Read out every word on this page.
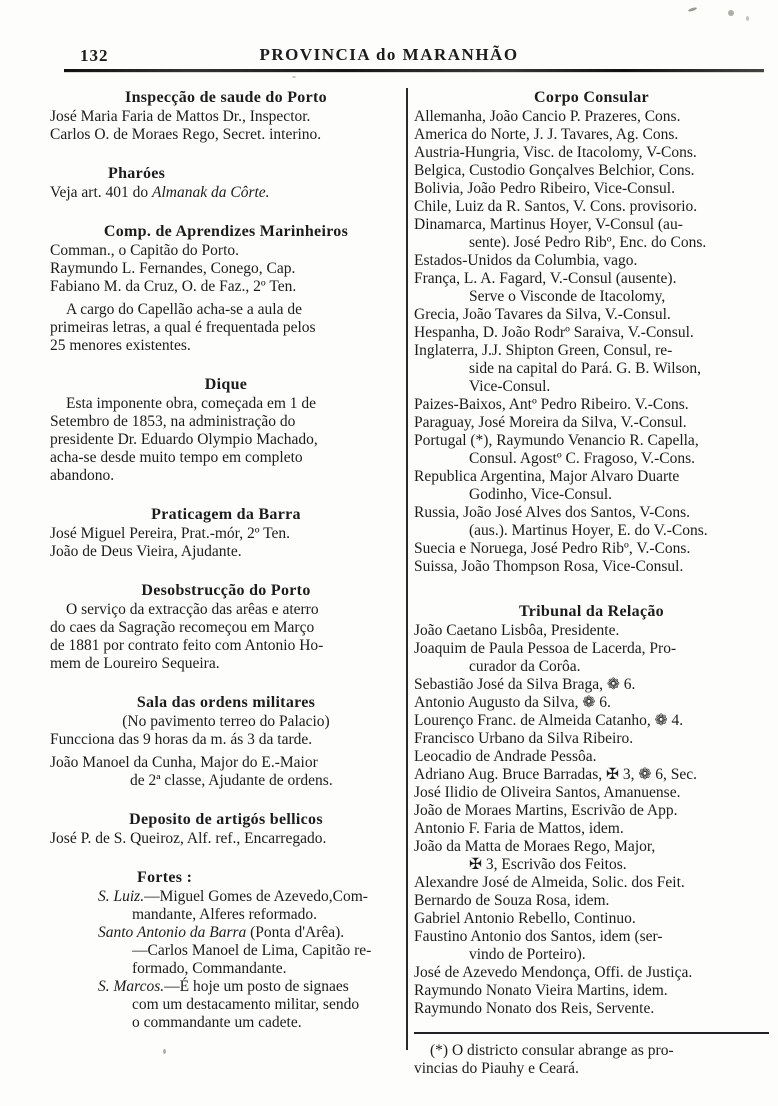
132	PROVINCIA do MARANHÃO
Inspecção de saude do Porto
José Maria Faria de Mattos Dr., Inspector.
Carlos O. de Moraes Rego, Secret. interino.
Pharóes
Veja art. 401 do Almanak da Côrte.
Comp. de Aprendizes Marinheiros
Comman., o Capitão do Porto.
Raymundo L. Fernandes, Conego, Cap.
Fabiano M. da Cruz, O. de Faz., 2º Ten.
A cargo do Capellão acha-se a aula de
primeiras letras, a qual é frequentada pelos
25 menores existentes.
Dique
Esta imponente obra, começada em 1 de
Setembro de 1853, na administração do
presidente Dr. Eduardo Olympio Machado,
acha-se desde muito tempo em completo
abandono.
Praticagem da Barra
José Miguel Pereira, Prat.-mór, 2º Ten.
João de Deus Vieira, Ajudante.
Desobstrucção do Porto
O serviço da extracção das arêas e aterro
do caes da Sagração recomeçou em Março
de 1881 por contrato feito com Antonio Ho-
mem de Loureiro Sequeira.
Sala das ordens militares
(No pavimento terreo do Palacio)
Funcciona das 9 horas da m. ás 3 da tarde.
João Manoel da Cunha, Major do E.-Maior
de 2ª classe, Ajudante de ordens.
Deposito de artigós bellicos
José P. de S. Queiroz, Alf. ref., Encarregado.
Fortes :
S. Luiz.—Miguel Gomes de Azevedo,Com-
mandante, Alferes reformado.
Santo Antonio da Barra (Ponta d'Arêa).
—Carlos Manoel de Lima, Capitão re-
formado, Commandante.
S. Marcos.—É hoje um posto de signaes
com um destacamento militar, sendo
o commandante um cadete.
Corpo Consular
Allemanha, João Cancio P. Prazeres, Cons.
America do Norte, J. J. Tavares, Ag. Cons.
Austria-Hungria, Visc. de Itacolomy, V-Cons.
Belgica, Custodio Gonçalves Belchior, Cons.
Bolivia, João Pedro Ribeiro, Vice-Consul.
Chile, Luiz da R. Santos, V. Cons. provisorio.
Dinamarca, Martinus Hoyer, V-Consul (au-
sente). José Pedro Ribº, Enc. do Cons.
Estados-Unidos da Columbia, vago.
França, L. A. Fagard, V.-Consul (ausente).
Serve o Visconde de Itacolomy,
Grecia, João Tavares da Silva, V.-Consul.
Hespanha, D. João Rodrº Saraiva, V.-Consul.
Inglaterra, J.J. Shipton Green, Consul, re-
side na capital do Pará. G. B. Wilson,
Vice-Consul.
Paizes-Baixos, Antº Pedro Ribeiro. V.-Cons.
Paraguay, José Moreira da Silva, V.-Consul.
Portugal (*), Raymundo Venancio R. Capella,
Consul. Agostº C. Fragoso, V.-Cons.
Republica Argentina, Major Alvaro Duarte
Godinho, Vice-Consul.
Russia, João José Alves dos Santos, V-Cons.
(aus.). Martinus Hoyer, E. do V.-Cons.
Suecia e Noruega, José Pedro Ribº, V.-Cons.
Suissa, João Thompson Rosa, Vice-Consul.
Tribunal da Relação
João Caetano Lisbôa, Presidente.
Joaquim de Paula Pessoa de Lacerda, Pro-
curador da Corôa.
Sebastião José da Silva Braga, ❁ 6.
Antonio Augusto da Silva, ❁ 6.
Lourenço Franc. de Almeida Catanho, ❁ 4.
Francisco Urbano da Silva Ribeiro.
Leocadio de Andrade Pessôa.
Adriano Aug. Bruce Barradas, ✠ 3, ❁ 6, Sec.
José Ilidio de Oliveira Santos, Amanuense.
João de Moraes Martins, Escrivão de App.
Antonio F. Faria de Mattos, idem.
João da Matta de Moraes Rego, Major,
✠ 3, Escrivão dos Feitos.
Alexandre José de Almeida, Solic. dos Feit.
Bernardo de Souza Rosa, idem.
Gabriel Antonio Rebello, Continuo.
Faustino Antonio dos Santos, idem (ser-
vindo de Porteiro).
José de Azevedo Mendonça, Offi. de Justiça.
Raymundo Nonato Vieira Martins, idem.
Raymundo Nonato dos Reis, Servente.
(*) O districto consular abrange as pro-
vincias do Piauhy e Ceará.
